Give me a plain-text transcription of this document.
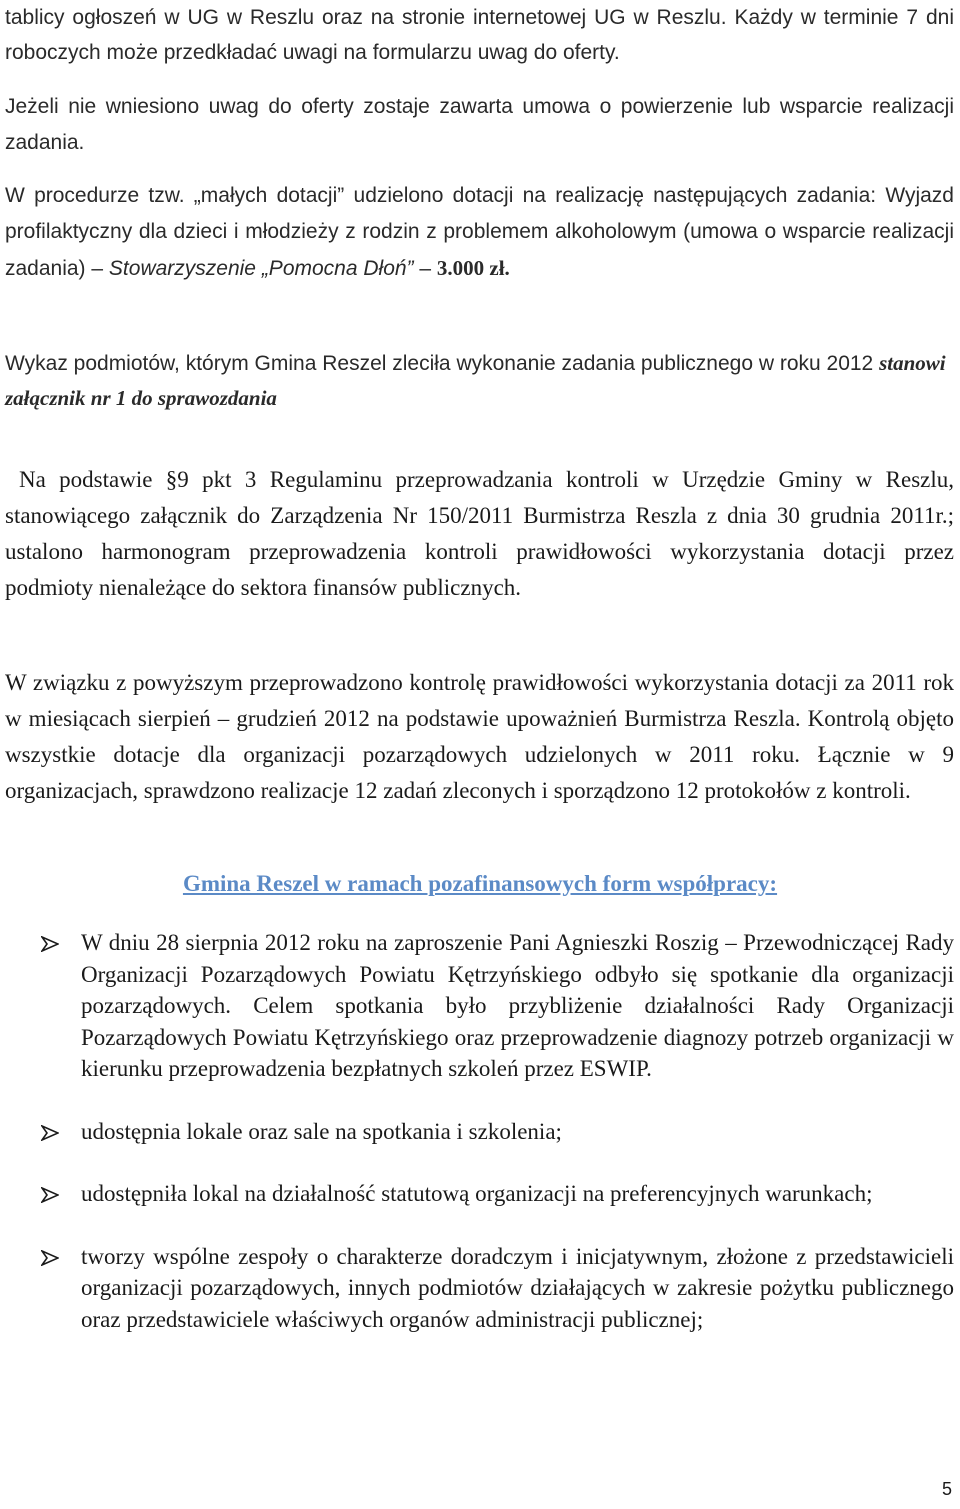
tablicy ogłoszeń w UG w Reszlu oraz na stronie internetowej UG w Reszlu. Każdy w terminie 7 dni roboczych może przedkładać uwagi na formularzu uwag do oferty.

Jeżeli nie wniesiono uwag do oferty zostaje zawarta umowa o powierzenie lub wsparcie realizacji zadania.

W procedurze tzw. „małych dotacji” udzielono dotacji na realizację następujących zadania: Wyjazd profilaktyczny dla dzieci i młodzieży z rodzin z problemem alkoholowym (umowa o wsparcie realizacji zadania) – Stowarzyszenie „Pomocna Dłoń” – 3.000 zł.

Wykaz podmiotów, którym Gmina Reszel zleciła wykonanie zadania publicznego w roku 2012 stanowi załącznik nr 1 do sprawozdania

Na podstawie §9 pkt 3 Regulaminu przeprowadzania kontroli w Urzędzie Gminy w Reszlu, stanowiącego załącznik do Zarządzenia Nr 150/2011 Burmistrza Reszla z dnia 30 grudnia 2011r.; ustalono harmonogram przeprowadzenia kontroli prawidłowości wykorzystania dotacji przez podmioty nienależące do sektora finansów publicznych.

W związku z powyższym przeprowadzono kontrolę prawidłowości wykorzystania dotacji za 2011 rok w miesiącach sierpień – grudzień 2012 na podstawie upoważnień Burmistrza Reszla. Kontrolą objęto wszystkie dotacje dla organizacji pozarządowych udzielonych w 2011 roku. Łącznie w 9 organizacjach, sprawdzono realizacje 12 zadań zleconych i sporządzono 12 protokołów z kontroli.

Gmina Reszel w ramach pozafinansowych form współpracy:
W dniu 28 sierpnia 2012 roku na zaproszenie Pani Agnieszki Roszig – Przewodniczącej Rady Organizacji Pozarządowych Powiatu Kętrzyńskiego odbyło się spotkanie dla organizacji pozarządowych. Celem spotkania było przybliżenie działalności Rady Organizacji Pozarządowych Powiatu Kętrzyńskiego oraz przeprowadzenie diagnozy potrzeb organizacji w kierunku przeprowadzenia bezpłatnych szkoleń przez ESWIP.
udostępnia lokale oraz sale na spotkania i szkolenia;
udostępniła lokal na działalność statutową organizacji na preferencyjnych warunkach;
tworzy wspólne zespoły o charakterze doradczym i inicjatywnym, złożone z przedstawicieli organizacji pozarządowych, innych podmiotów działających w zakresie pożytku publicznego oraz przedstawiciele właściwych organów administracji publicznej;
5
